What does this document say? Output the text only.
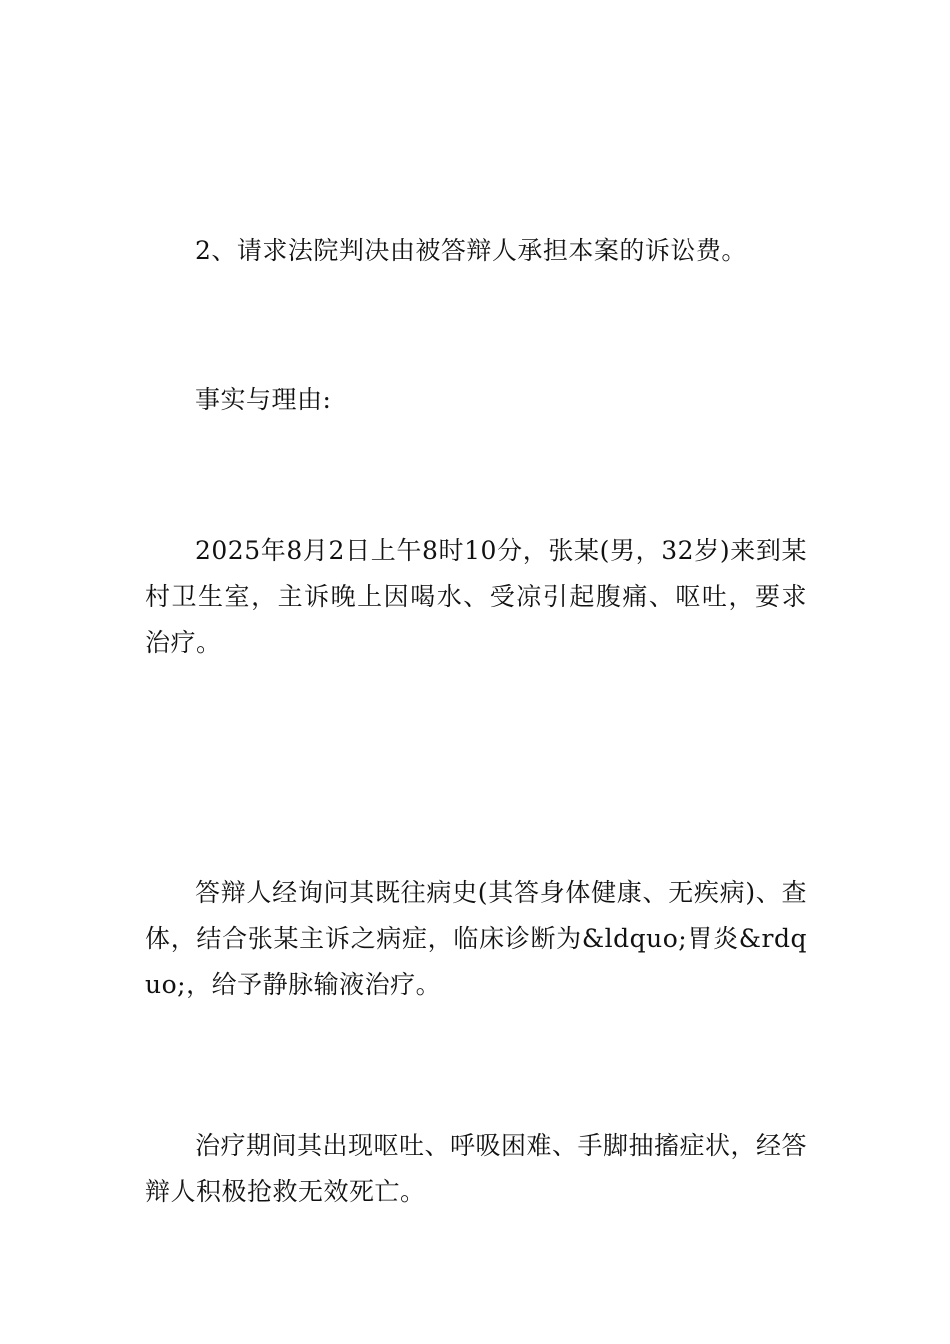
2、请求法院判决由被答辩人承担本案的诉讼费。

事实与理由:

2025年8月2日上午8时10分，张某(男，32岁)来到某村卫生室，主诉晚上因喝水、受凉引起腹痛、呕吐，要求治疗。

答辩人经询问其既往病史(其答身体健康、无疾病)、查体，结合张某主诉之病症，临床诊断为&ldquo;胃炎&rdquo;，给予静脉输液治疗。

治疗期间其出现呕吐、呼吸困难、手脚抽搐症状，经答辩人积极抢救无效死亡。
